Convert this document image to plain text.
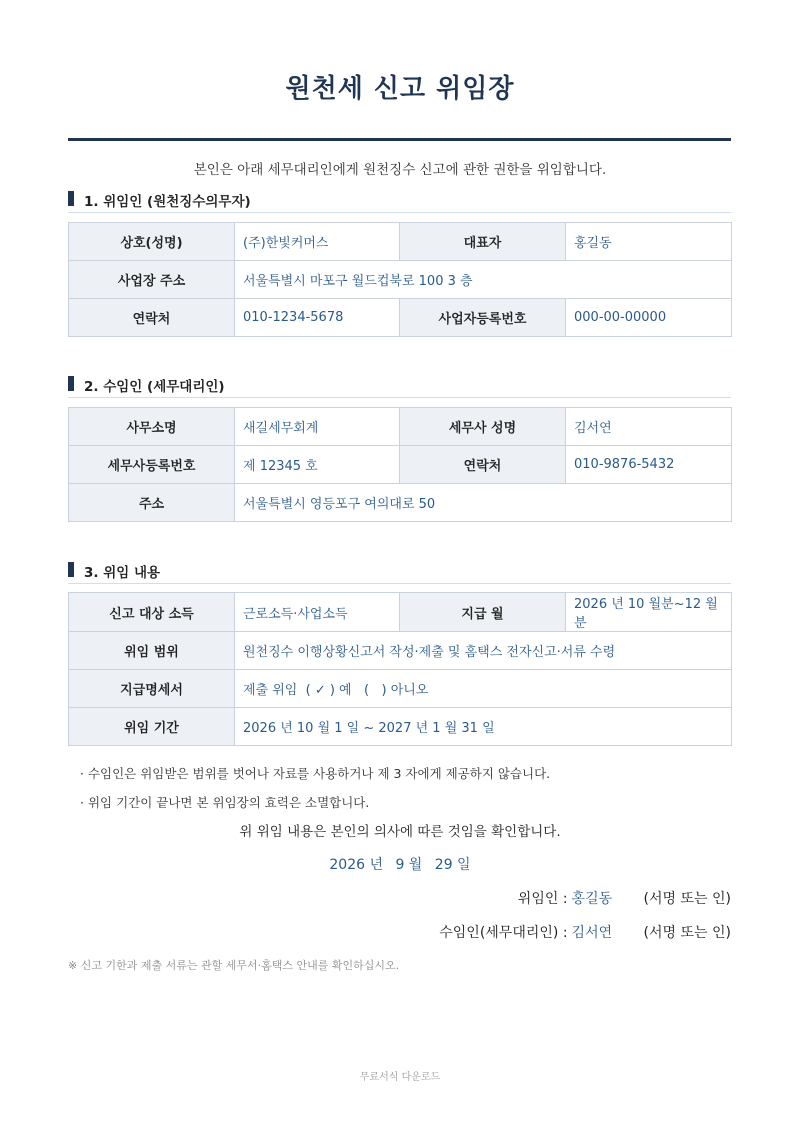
원천세 신고 위임장
본인은 아래 세무대리인에게 원천징수 신고에 관한 권한을 위임합니다.
1. 위임인 (원천징수의무자)
상호(성명)	(주)한빛커머스	대표자	홍길동
사업장 주소	서울특별시 마포구 월드컵북로 100 3 층		
연락처	010-1234-5678	사업자등록번호	000-00-00000
2. 수임인 (세무대리인)
사무소명	새길세무회계	세무사 성명	김서연
세무사등록번호	제 12345 호	연락처	010-9876-5432
주소	서울특별시 영등포구 여의대로 50		
3. 위임 내용
신고 대상 소득	근로소득·사업소득	지급 월	2026 년 10 월분~12 월분
위임 범위	원천징수 이행상황신고서 작성·제출 및 홈택스 전자신고·서류 수령		
지급명세서	제출 위임  ( ✓ ) 예   (   ) 아니오		
위임 기간	2026 년 10 월 1 일 ~ 2027 년 1 월 31 일		
· 수임인은 위임받은 범위를 벗어나 자료를 사용하거나 제 3 자에게 제공하지 않습니다.
· 위임 기간이 끝나면 본 위임장의 효력은 소멸합니다.
위 위임 내용은 본인의 의사에 따른 것임을 확인합니다.
2026 년 9 월 29 일
위임인 : 홍길동	(서명 또는 인)
수임인(세무대리인) : 김서연	(서명 또는 인)
※ 신고 기한과 제출 서류는 관할 세무서·홈택스 안내를 확인하십시오.
무료서식 다운로드
